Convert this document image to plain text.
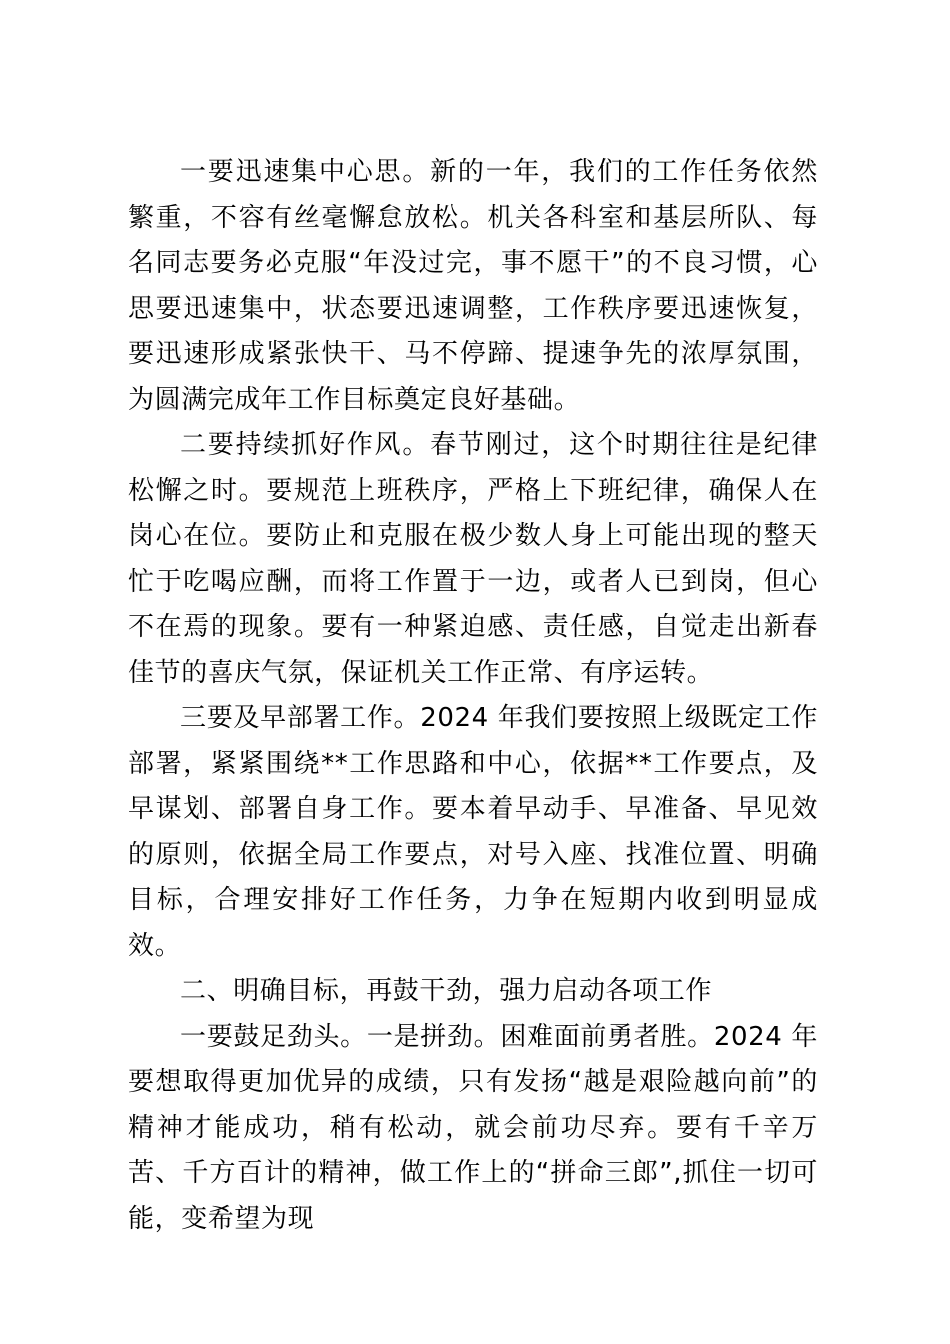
一要迅速集中心思。新的一年，我们的工作任务依然繁重，不容有丝毫懈怠放松。机关各科室和基层所队、每名同志要务必克服“年没过完，事不愿干”的不良习惯，心思要迅速集中，状态要迅速调整，工作秩序要迅速恢复，要迅速形成紧张快干、马不停蹄、提速争先的浓厚氛围，为圆满完成年工作目标奠定良好基础。

二要持续抓好作风。春节刚过，这个时期往往是纪律松懈之时。要规范上班秩序，严格上下班纪律，确保人在岗心在位。要防止和克服在极少数人身上可能出现的整天忙于吃喝应酬，而将工作置于一边，或者人已到岗，但心不在焉的现象。要有一种紧迫感、责任感，自觉走出新春佳节的喜庆气氛，保证机关工作正常、有序运转。

三要及早部署工作。2024 年我们要按照上级既定工作部署，紧紧围绕**工作思路和中心，依据**工作要点，及早谋划、部署自身工作。要本着早动手、早准备、早见效的原则，依据全局工作要点，对号入座、找准位置、明确目标，合理安排好工作任务，力争在短期内收到明显成效。

二、明确目标，再鼓干劲，强力启动各项工作

一要鼓足劲头。一是拼劲。困难面前勇者胜。2024 年要想取得更加优异的成绩，只有发扬“越是艰险越向前”的精神才能成功，稍有松动，就会前功尽弃。要有千辛万苦、千方百计的精神，做工作上的“拼命三郎”,抓住一切可能，变希望为现
